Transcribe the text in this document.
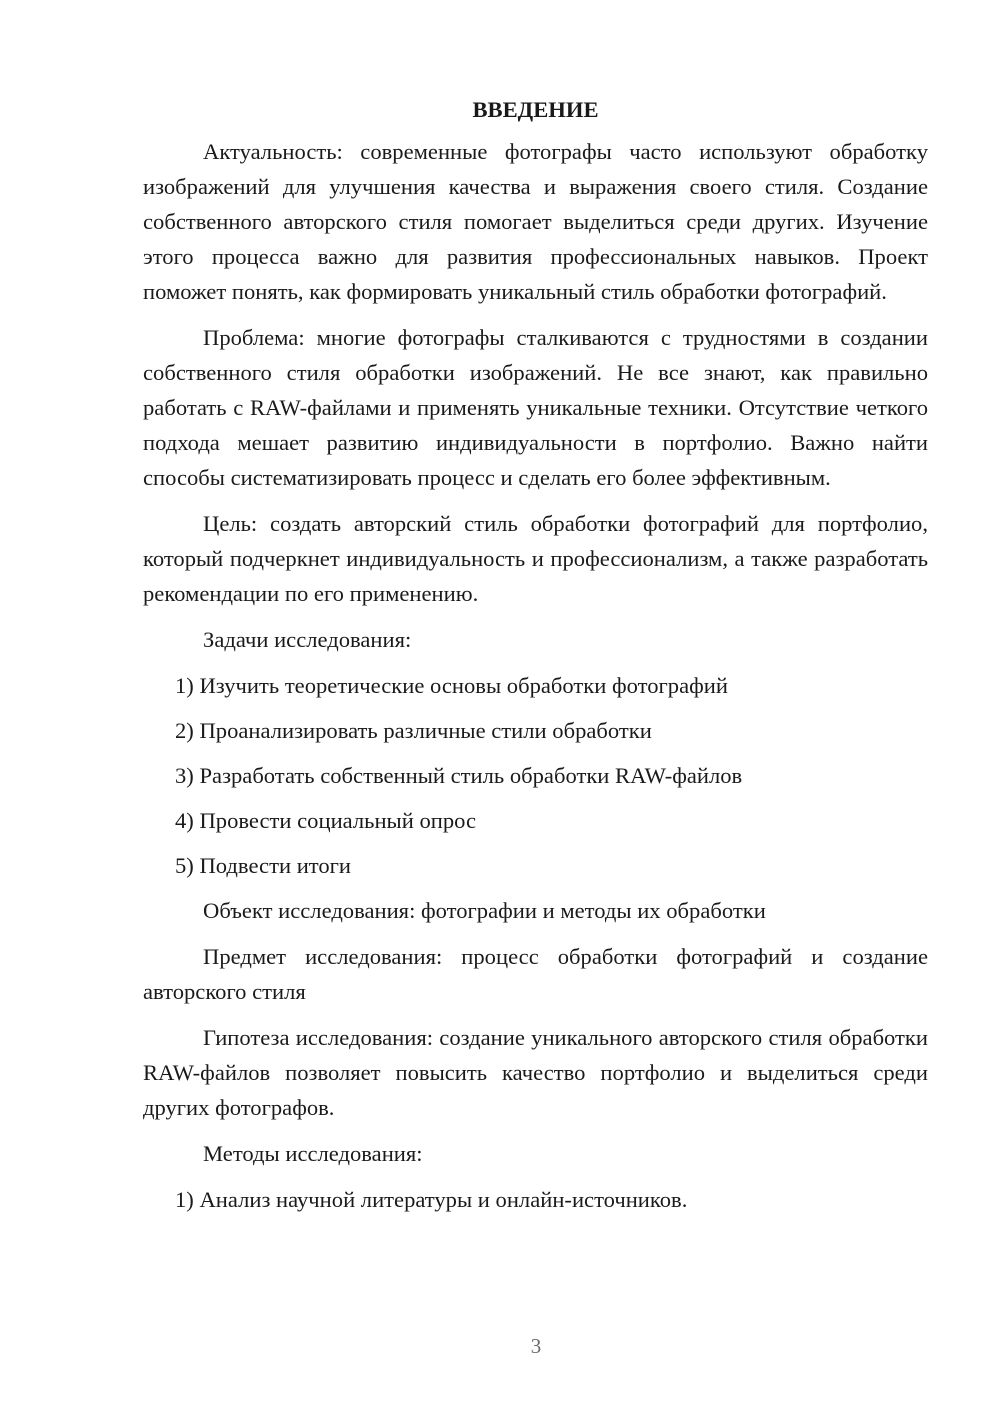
ВВЕДЕНИЕ

Актуальность: современные фотографы часто используют обработку изображений для улучшения качества и выражения своего стиля. Создание собственного авторского стиля помогает выделиться среди других. Изучение этого процесса важно для развития профессиональных навыков. Проект поможет понять, как формировать уникальный стиль обработки фотографий.

Проблема: многие фотографы сталкиваются с трудностями в создании собственного стиля обработки изображений. Не все знают, как правильно работать с RAW-файлами и применять уникальные техники. Отсутствие четкого подхода мешает развитию индивидуальности в портфолио. Важно найти способы систематизировать процесс и сделать его более эффективным.

Цель: создать авторский стиль обработки фотографий для портфолио, который подчеркнет индивидуальность и профессионализм, а также разработать рекомендации по его применению.

Задачи исследования:
1) Изучить теоретические основы обработки фотографий
2) Проанализировать различные стили обработки
3) Разработать собственный стиль обработки RAW-файлов
4) Провести социальный опрос
5) Подвести итоги
Объект исследования: фотографии и методы их обработки

Предмет исследования: процесс обработки фотографий и создание авторского стиля

Гипотеза исследования: создание уникального авторского стиля обработки RAW-файлов позволяет повысить качество портфолио и выделиться среди других фотографов.

Методы исследования:
1) Анализ научной литературы и онлайн-источников.
3
